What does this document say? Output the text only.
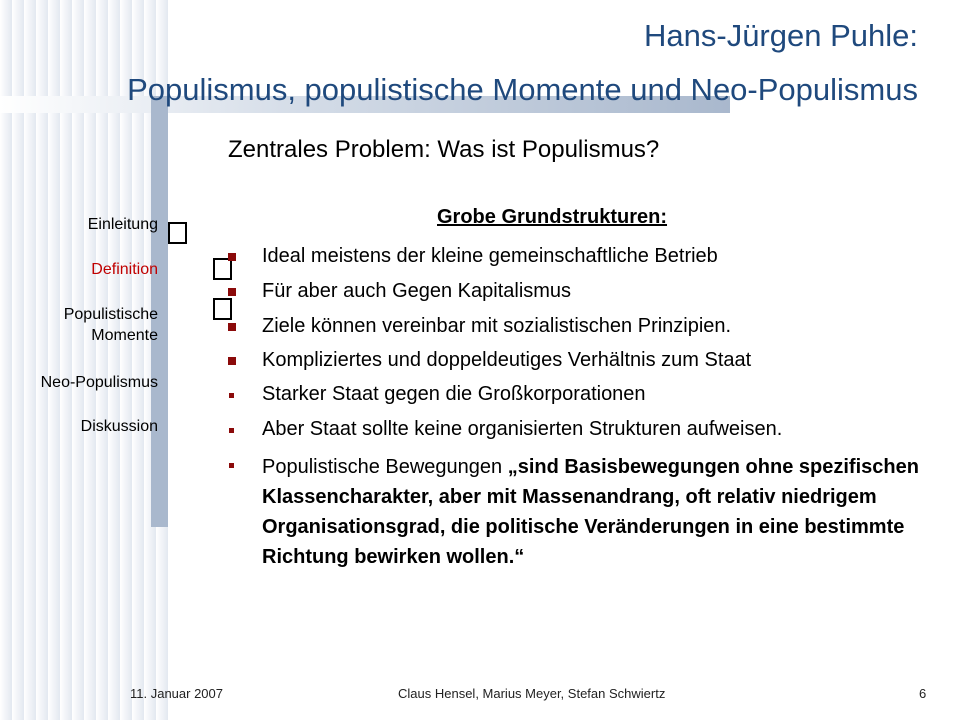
Hans-Jürgen Puhle:
Populismus, populistische Momente und Neo-Populismus
Zentrales Problem: Was ist Populismus?
Einleitung
Definition
Populistische
Momente
Neo-Populismus
Diskussion
Grobe Grundstrukturen:
Ideal meistens der kleine gemeinschaftliche Betrieb
Für aber auch Gegen Kapitalismus
Ziele können vereinbar mit sozialistischen Prinzipien.
Kompliziertes und doppeldeutiges Verhältnis zum Staat
Starker Staat gegen die Großkorporationen
Aber Staat sollte keine organisierten Strukturen aufweisen.
Populistische Bewegungen „sind Basisbewegungen ohne spezifischen Klassencharakter, aber mit Massenandrang, oft relativ niedrigem Organisationsgrad, die politische Veränderungen in eine bestimmte Richtung bewirken wollen.“
11. Januar 2007	Claus Hensel, Marius Meyer, Stefan Schwiertz	6
